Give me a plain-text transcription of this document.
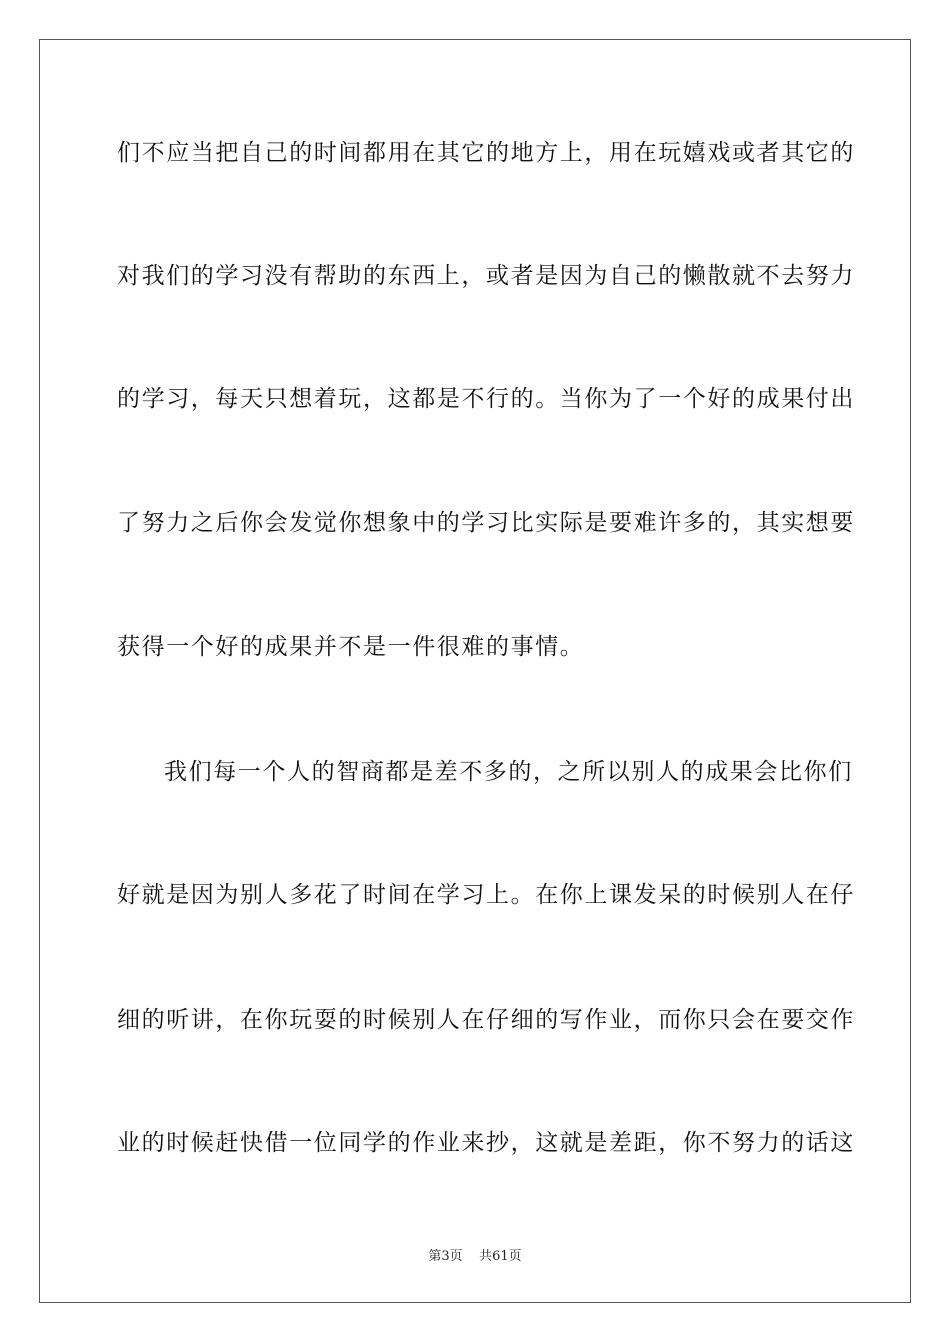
们不应当把自己的时间都用在其它的地方上，用在玩嬉戏或者其它的
对我们的学习没有帮助的东西上，或者是因为自己的懒散就不去努力
的学习，每天只想着玩，这都是不行的。当你为了一个好的成果付出
了努力之后你会发觉你想象中的学习比实际是要难许多的，其实想要
获得一个好的成果并不是一件很难的事情。
我们每一个人的智商都是差不多的，之所以别人的成果会比你们
好就是因为别人多花了时间在学习上。在你上课发呆的时候别人在仔
细的听讲，在你玩耍的时候别人在仔细的写作业，而你只会在要交作
业的时候赶快借一位同学的作业来抄，这就是差距，你不努力的话这
第3页 共61页
